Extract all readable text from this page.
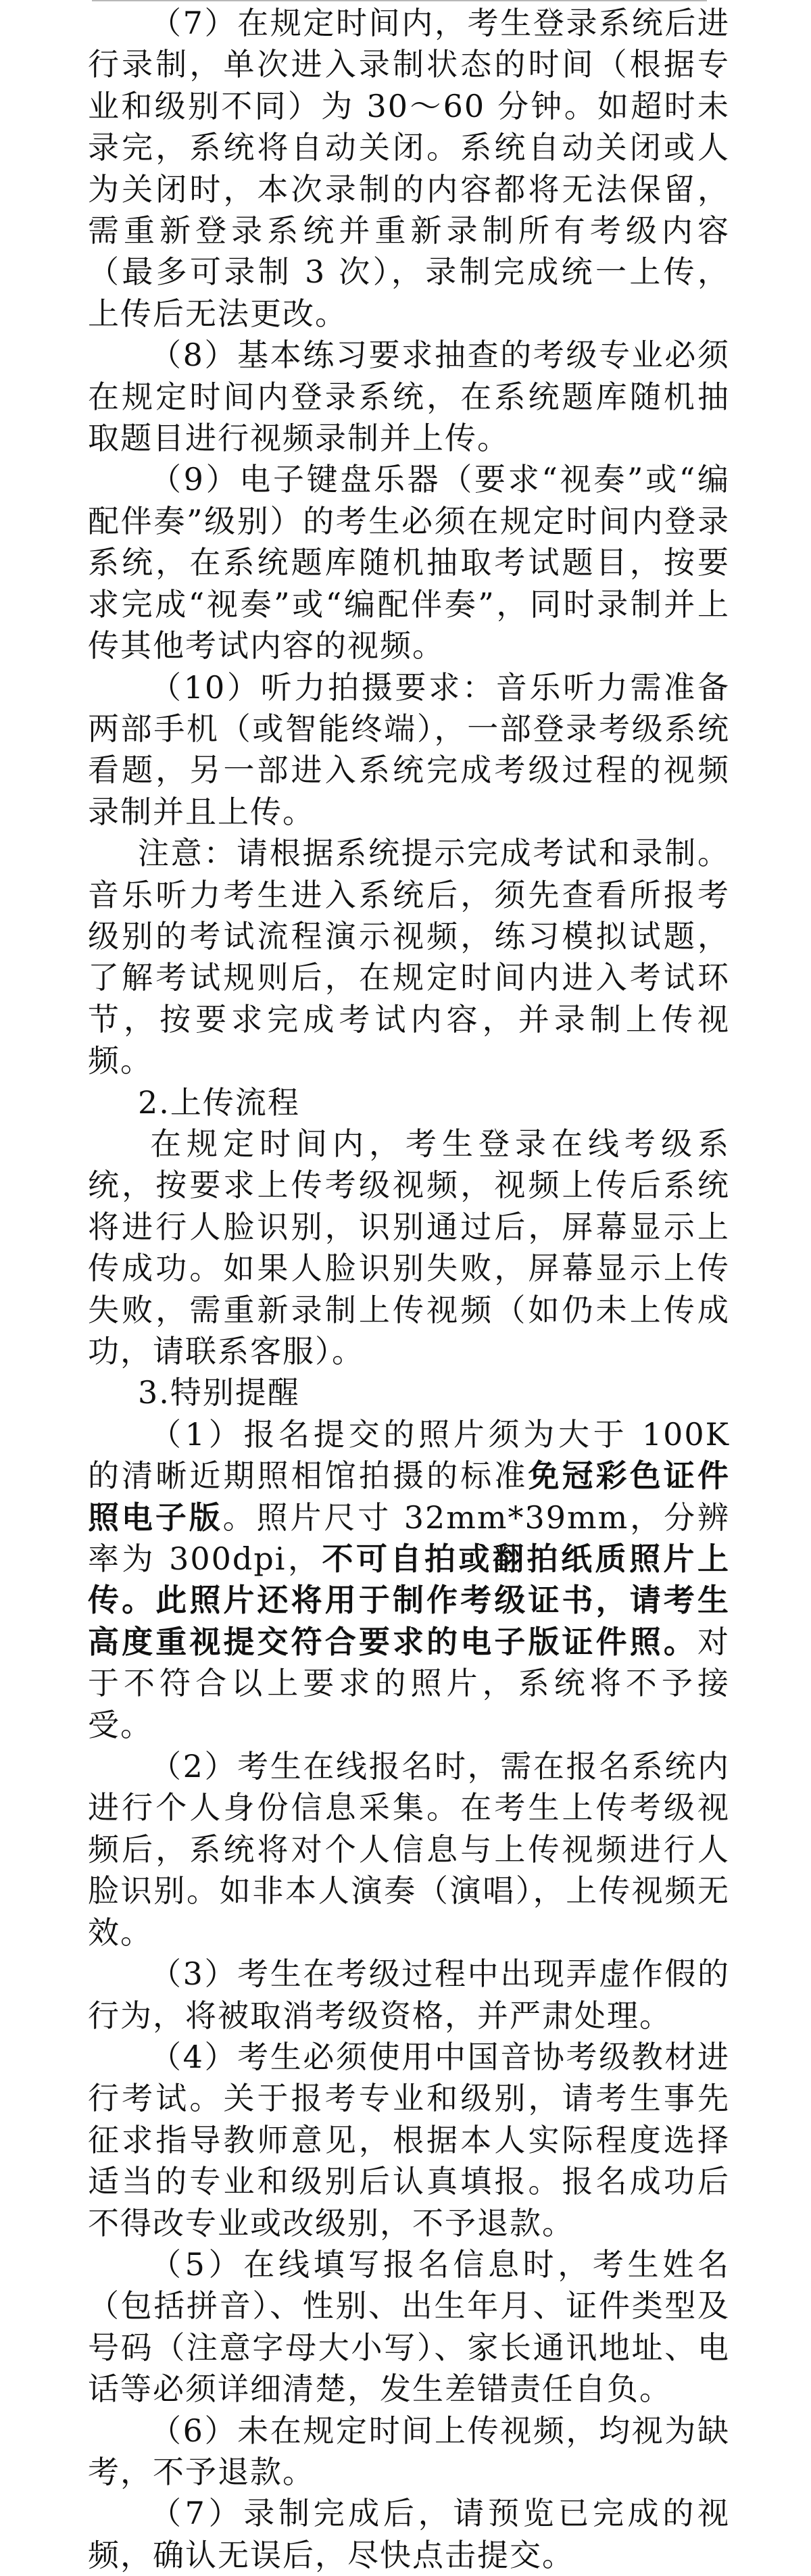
（7）在规定时间内，考生登录系统后进行录制，单次进入录制状态的时间（根据专业和级别不同）为 30～60 分钟。如超时未录完，系统将自动关闭。系统自动关闭或人为关闭时，本次录制的内容都将无法保留，需重新登录系统并重新录制所有考级内容（最多可录制 3 次），录制完成统一上传，上传后无法更改。

（8）基本练习要求抽查的考级专业必须在规定时间内登录系统，在系统题库随机抽取题目进行视频录制并上传。

（9）电子键盘乐器（要求“视奏”或“编配伴奏”级别）的考生必须在规定时间内登录系统，在系统题库随机抽取考试题目，按要求完成“视奏”或“编配伴奏”，同时录制并上传其他考试内容的视频。

（10）听力拍摄要求：音乐听力需准备两部手机（或智能终端），一部登录考级系统看题，另一部进入系统完成考级过程的视频录制并且上传。

注意：请根据系统提示完成考试和录制。音乐听力考生进入系统后，须先查看所报考级别的考试流程演示视频，练习模拟试题，了解考试规则后，在规定时间内进入考试环节，按要求完成考试内容，并录制上传视频。

2.上传流程

在规定时间内，考生登录在线考级系统，按要求上传考级视频，视频上传后系统将进行人脸识别，识别通过后，屏幕显示上传成功。如果人脸识别失败，屏幕显示上传失败，需重新录制上传视频（如仍未上传成功，请联系客服）。

3.特别提醒

（1）报名提交的照片须为大于 100K 的清晰近期照相馆拍摄的标准免冠彩色证件照电子版。照片尺寸 32mm*39mm，分辨率为 300dpi，不可自拍或翻拍纸质照片上传。此照片还将用于制作考级证书，请考生高度重视提交符合要求的电子版证件照。对于不符合以上要求的照片，系统将不予接受。

（2）考生在线报名时，需在报名系统内进行个人身份信息采集。在考生上传考级视频后，系统将对个人信息与上传视频进行人脸识别。如非本人演奏（演唱），上传视频无效。

（3）考生在考级过程中出现弄虚作假的行为，将被取消考级资格，并严肃处理。

（4）考生必须使用中国音协考级教材进行考试。关于报考专业和级别，请考生事先征求指导教师意见，根据本人实际程度选择适当的专业和级别后认真填报。报名成功后不得改专业或改级别，不予退款。

（5）在线填写报名信息时，考生姓名（包括拼音）、性别、出生年月、证件类型及号码（注意字母大小写）、家长通讯地址、电话等必须详细清楚，发生差错责任自负。

（6）未在规定时间上传视频，均视为缺考，不予退款。

（7）录制完成后，请预览已完成的视频，确认无误后，尽快点击提交。
